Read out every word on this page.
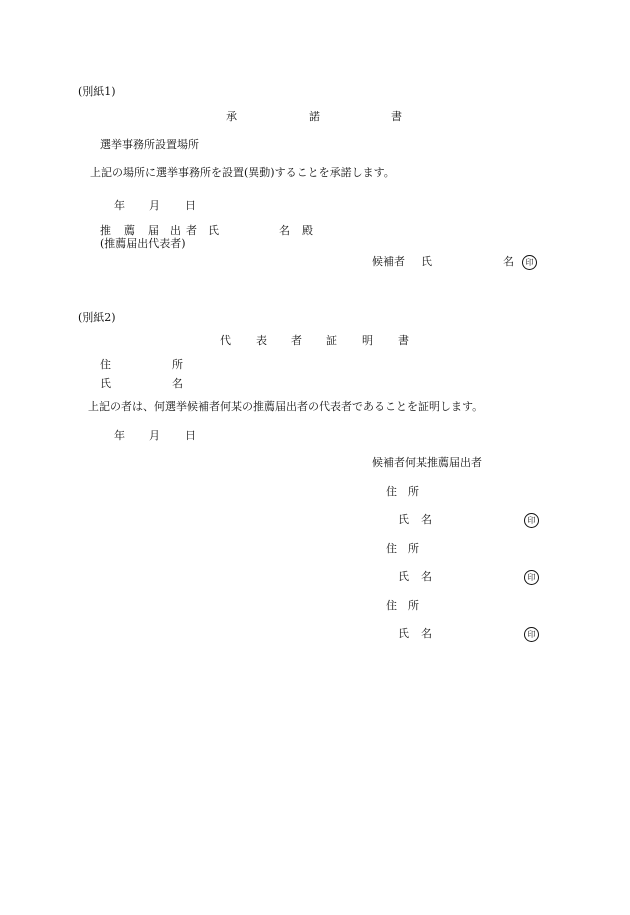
(別紙1)
承	諾	書
選挙事務所設置場所
上記の場所に選挙事務所を設置(異動)することを承諾します。
年 月 日
推 薦 届 出 者 氏	名 殿
(推薦届出代表者)
候補者 氏	名	印
(別紙2)
代 表 者 証 明 書
住	所
氏	名
上記の者は、何選挙候補者何某の推薦届出者の代表者であることを証明します。
年 月 日
候補者何某推薦届出者
住 所
氏 名	印
住 所
氏 名	印
住 所
氏 名	印
